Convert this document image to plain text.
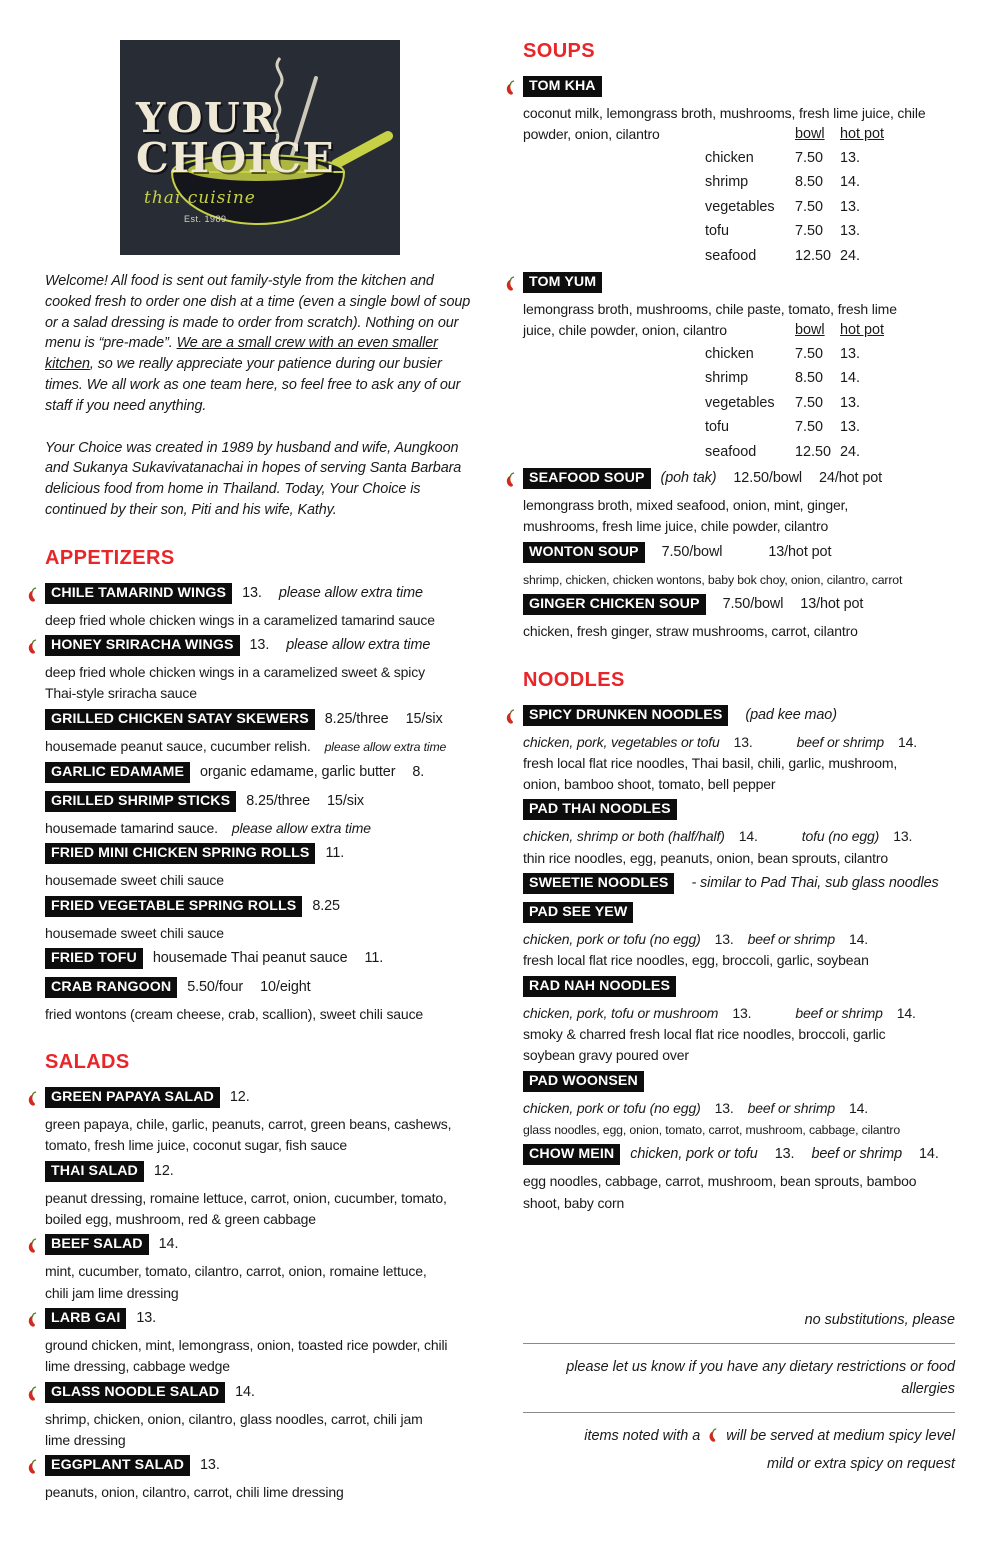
YOUR
CHOICE
thai cuisine
Est. 1989

Welcome! All food is sent out family-style from the kitchen and cooked fresh to order one dish at a time (even a single bowl of soup or a salad dressing is made to order from scratch). Nothing on our menu is “pre-made”. We are a small crew with an even smaller kitchen, so we really appreciate your patience during our busier times. We all work as one team here, so feel free to ask any of our staff if you need anything.

Your Choice was created in 1989 by husband and wife, Aungkoon and Sukanya Sukavivatanachai in hopes of serving Santa Barbara delicious food from home in Thailand. Today, Your Choice is continued by their son, Piti and his wife, Kathy.

APPETIZERS
CHILE TAMARIND WINGS	13. please allow extra time
deep fried whole chicken wings in a caramelized tamarind sauce
HONEY SRIRACHA WINGS	13. please allow extra time
deep fried whole chicken wings in a caramelized sweet & spicy
Thai-style sriracha sauce
GRILLED CHICKEN SATAY SKEWERS	8.25/three 15/six
housemade peanut sauce, cucumber relish. please allow extra time
GARLIC EDAMAME	organic edamame, garlic butter 8.
GRILLED SHRIMP STICKS	8.25/three 15/six
housemade tamarind sauce. please allow extra time
FRIED MINI CHICKEN SPRING ROLLS	11.
housemade sweet chili sauce
FRIED VEGETABLE SPRING ROLLS	8.25
housemade sweet chili sauce
FRIED TOFU	housemade Thai peanut sauce 11.
CRAB RANGOON	5.50/four 10/eight
fried wontons (cream cheese, crab, scallion), sweet chili sauce
SALADS
GREEN PAPAYA SALAD	12.
green papaya, chile, garlic, peanuts, carrot, green beans, cashews,
tomato, fresh lime juice, coconut sugar, fish sauce
THAI SALAD	12.
peanut dressing, romaine lettuce, carrot, onion, cucumber, tomato,
boiled egg, mushroom, red & green cabbage
BEEF SALAD	14.
mint, cucumber, tomato, cilantro, carrot, onion, romaine lettuce,
chili jam lime dressing
LARB GAI	13.
ground chicken, mint, lemongrass, onion, toasted rice powder, chili
lime dressing, cabbage wedge
GLASS NOODLE SALAD	14.
shrimp, chicken, onion, cilantro, glass noodles, carrot, chili jam
lime dressing
EGGPLANT SALAD	13.
peanuts, onion, cilantro, carrot, chili lime dressing
SOUPS
TOM KHA
coconut milk, lemongrass broth, mushrooms, fresh lime juice, chile
powder, onion, cilantro	bowl	hot pot
chicken	7.50	13.
shrimp	8.50	14.
vegetables	7.50	13.
tofu	7.50	13.
seafood	12.50 24.
TOM YUM
lemongrass broth, mushrooms, chile paste, tomato, fresh lime
juice, chile powder, onion, cilantro	bowl	hot pot
chicken	7.50	13.
shrimp	8.50	14.
vegetables	7.50	13.
tofu	7.50	13.
seafood	12.50 24.
SEAFOOD SOUP	(poh tak) 12.50/bowl 24/hot pot
lemongrass broth, mixed seafood, onion, mint, ginger,
mushrooms, fresh lime juice, chile powder, cilantro
WONTON SOUP	7.50/bowl	13/hot pot
shrimp, chicken, chicken wontons, baby bok choy, onion, cilantro, carrot
GINGER CHICKEN SOUP	7.50/bowl 13/hot pot
chicken, fresh ginger, straw mushrooms, carrot, cilantro
NOODLES
SPICY DRUNKEN NOODLES	(pad kee mao)
chicken, pork, vegetables or tofu 13.	beef or shrimp 14.
fresh local flat rice noodles, Thai basil, chili, garlic, mushroom,
onion, bamboo shoot, tomato, bell pepper
PAD THAI NOODLES
chicken, shrimp or both (half/half) 14.	tofu (no egg) 13.
thin rice noodles, egg, peanuts, onion, bean sprouts, cilantro
SWEETIE NOODLES	- similar to Pad Thai, sub glass noodles
PAD SEE YEW
chicken, pork or tofu (no egg) 13. beef or shrimp 14.
fresh local flat rice noodles, egg, broccoli, garlic, soybean
RAD NAH NOODLES
chicken, pork, tofu or mushroom 13.	beef or shrimp 14.
smoky & charred fresh local flat rice noodles, broccoli, garlic
soybean gravy poured over
PAD WOONSEN
chicken, pork or tofu (no egg) 13. beef or shrimp 14.
glass noodles, egg, onion, tomato, carrot, mushroom, cabbage, cilantro
CHOW MEIN	chicken, pork or tofu 13. beef or shrimp 14.
egg noodles, cabbage, carrot, mushroom, bean sprouts, bamboo
shoot, baby corn
no substitutions, please
please let us know if you have any dietary restrictions or food allergies
items noted with a will be served at medium spicy level
mild or extra spicy on request
